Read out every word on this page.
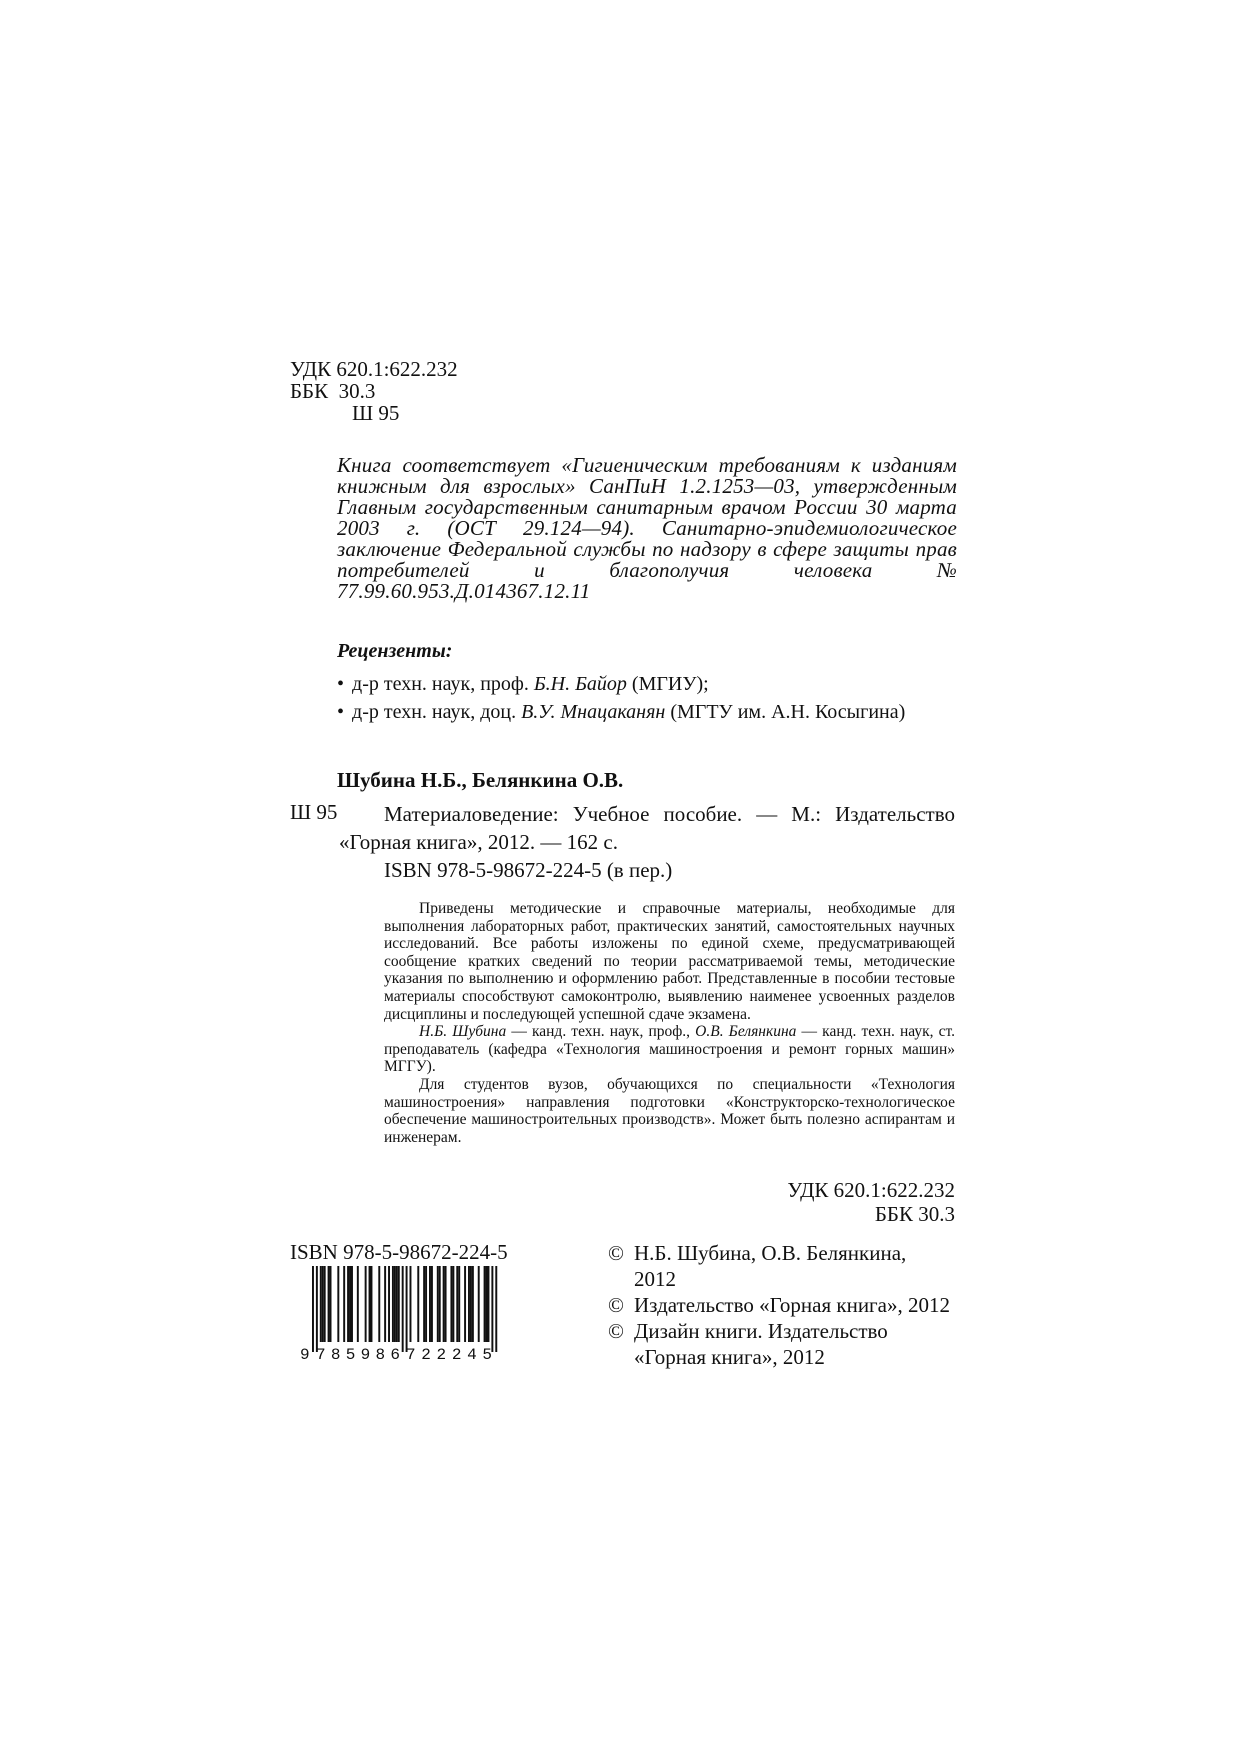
УДК 620.1:622.232
ББК  30.3
Ш 95
Книга соответствует «Гигиеническим требованиям к изданиям книжным для взрослых» СанПиН 1.2.1253—03, утвержденным Главным государственным санитарным врачом России 30 марта 2003 г. (ОСТ 29.124—94). Санитарно-эпидемиологическое заключение Федеральной службы по надзору в сфере защиты прав потребителей и благополучия человека № 77.99.60.953.Д.014367.12.11
Рецензенты:
• д-р техн. наук, проф. Б.Н. Байор (МГИУ);
• д-р техн. наук, доц. В.У. Мнацаканян (МГТУ им. А.Н. Косыгина)
Шубина Н.Б., Белянкина О.В.
Ш 95 Материаловедение: Учебное пособие. — М.: Издательство
«Горная книга», 2012. — 162 с.
ISBN 978-5-98672-224-5 (в пер.)

Приведены методические и справочные материалы, необходимые для выполнения лабораторных работ, практических занятий, самостоятельных научных исследований. Все работы изложены по единой схеме, предусматривающей сообщение кратких сведений по теории рассматриваемой темы, методические указания по выполнению и оформлению работ. Представленные в пособии тестовые материалы способствуют самоконтролю, выявлению наименее усвоенных разделов дисциплины и последующей успешной сдаче экзамена.

Н.Б. Шубина — канд. техн. наук, проф., О.В. Белянкина — канд. техн. наук, ст. преподаватель (кафедра «Технология машиностроения и ремонт горных машин» МГГУ).

Для студентов вузов, обучающихся по специальности «Технология машиностроения» направления подготовки «Конструкторско-технологическое обеспечение машиностроительных производств». Может быть полезно аспирантам и инженерам.

УДК 620.1:622.232
ББК 30.3
ISBN 978-5-98672-224-5
9 785986 722245
© Н.Б. Шубина, О.В. Белянкина,
2012
© Издательство «Горная книга», 2012
© Дизайн книги. Издательство
«Горная книга», 2012
